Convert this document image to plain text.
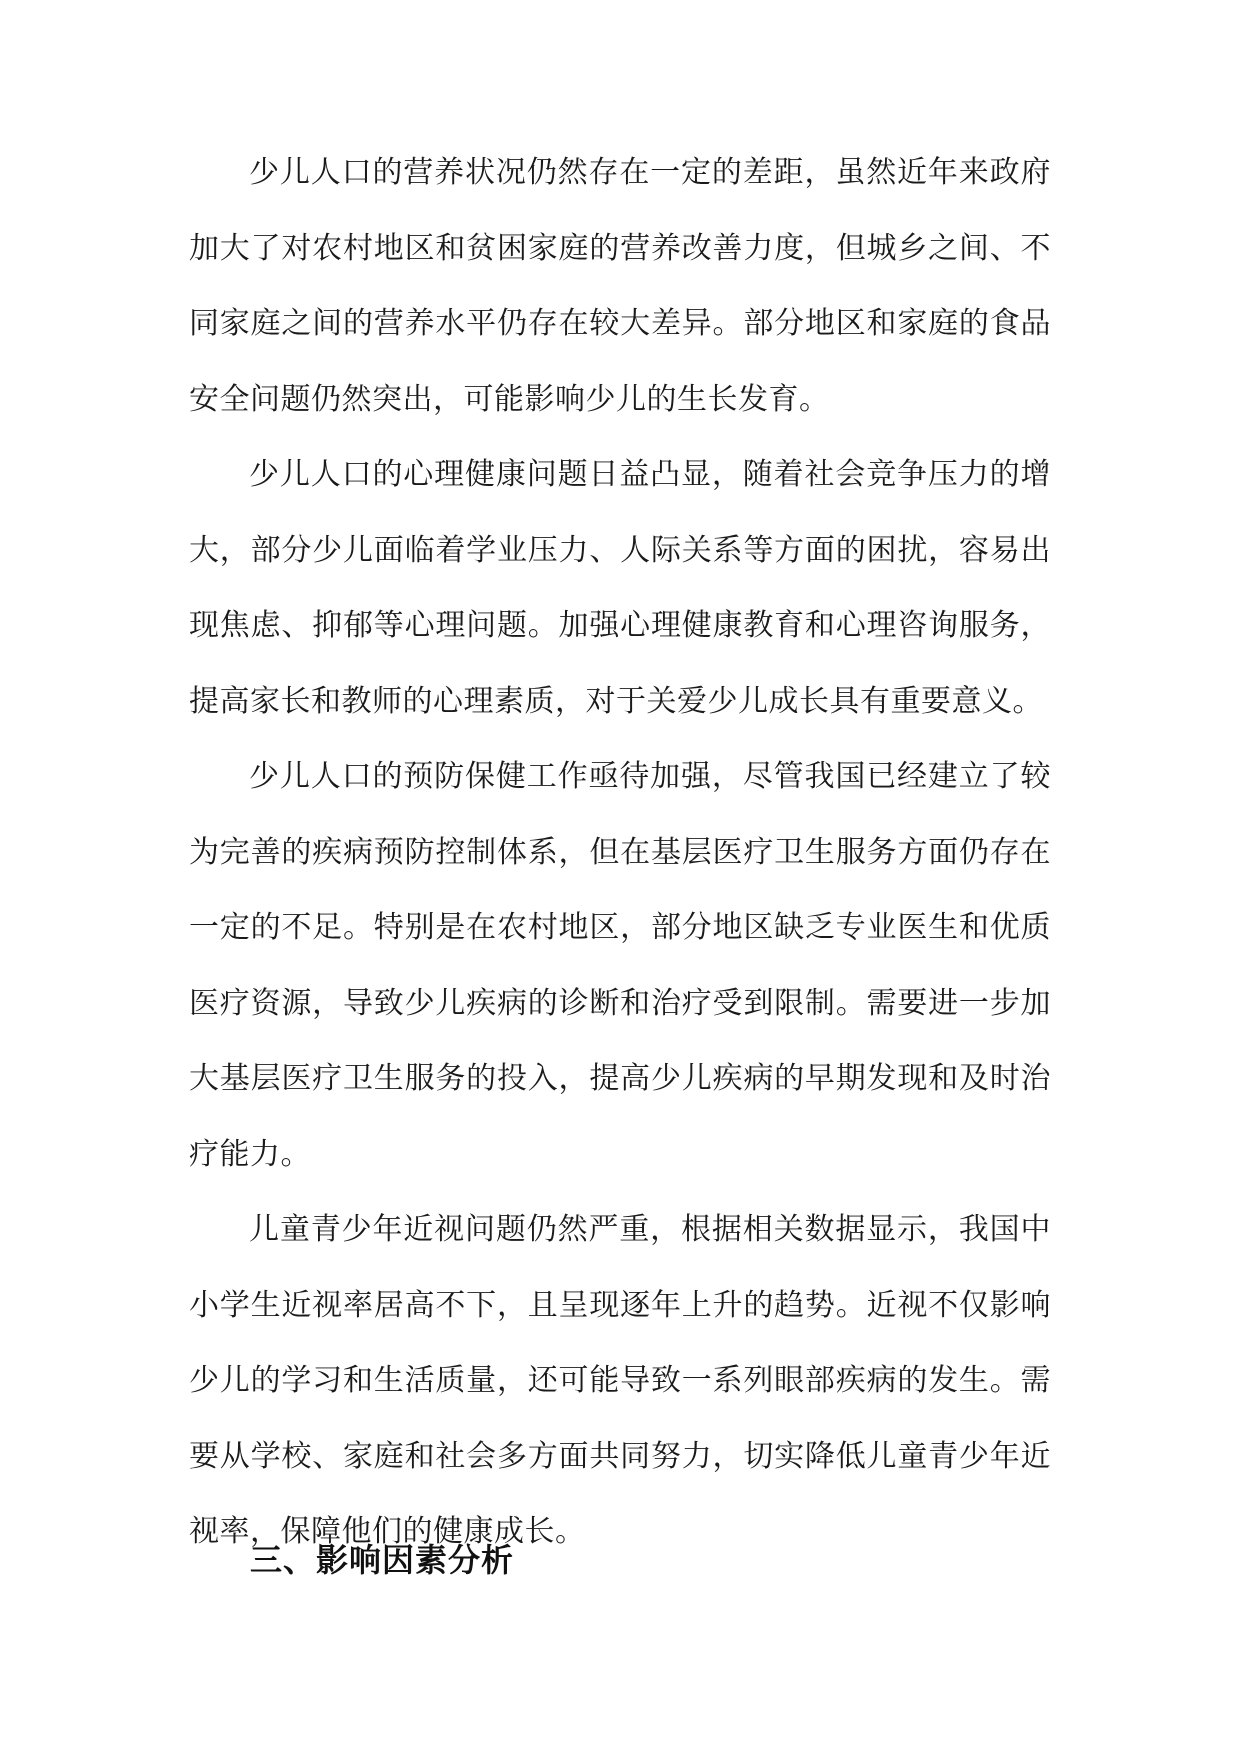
少儿人口的营养状况仍然存在一定的差距，虽然近年来政府加大了对农村地区和贫困家庭的营养改善力度，但城乡之间、不同家庭之间的营养水平仍存在较大差异。部分地区和家庭的食品安全问题仍然突出，可能影响少儿的生长发育。

少儿人口的心理健康问题日益凸显，随着社会竞争压力的增大，部分少儿面临着学业压力、人际关系等方面的困扰，容易出现焦虑、抑郁等心理问题。加强心理健康教育和心理咨询服务，提高家长和教师的心理素质，对于关爱少儿成长具有重要意义。

少儿人口的预防保健工作亟待加强，尽管我国已经建立了较为完善的疾病预防控制体系，但在基层医疗卫生服务方面仍存在一定的不足。特别是在农村地区，部分地区缺乏专业医生和优质医疗资源，导致少儿疾病的诊断和治疗受到限制。需要进一步加大基层医疗卫生服务的投入，提高少儿疾病的早期发现和及时治疗能力。

儿童青少年近视问题仍然严重，根据相关数据显示，我国中小学生近视率居高不下，且呈现逐年上升的趋势。近视不仅影响少儿的学习和生活质量，还可能导致一系列眼部疾病的发生。需要从学校、家庭和社会多方面共同努力，切实降低儿童青少年近视率，保障他们的健康成长。

三、影响因素分析
